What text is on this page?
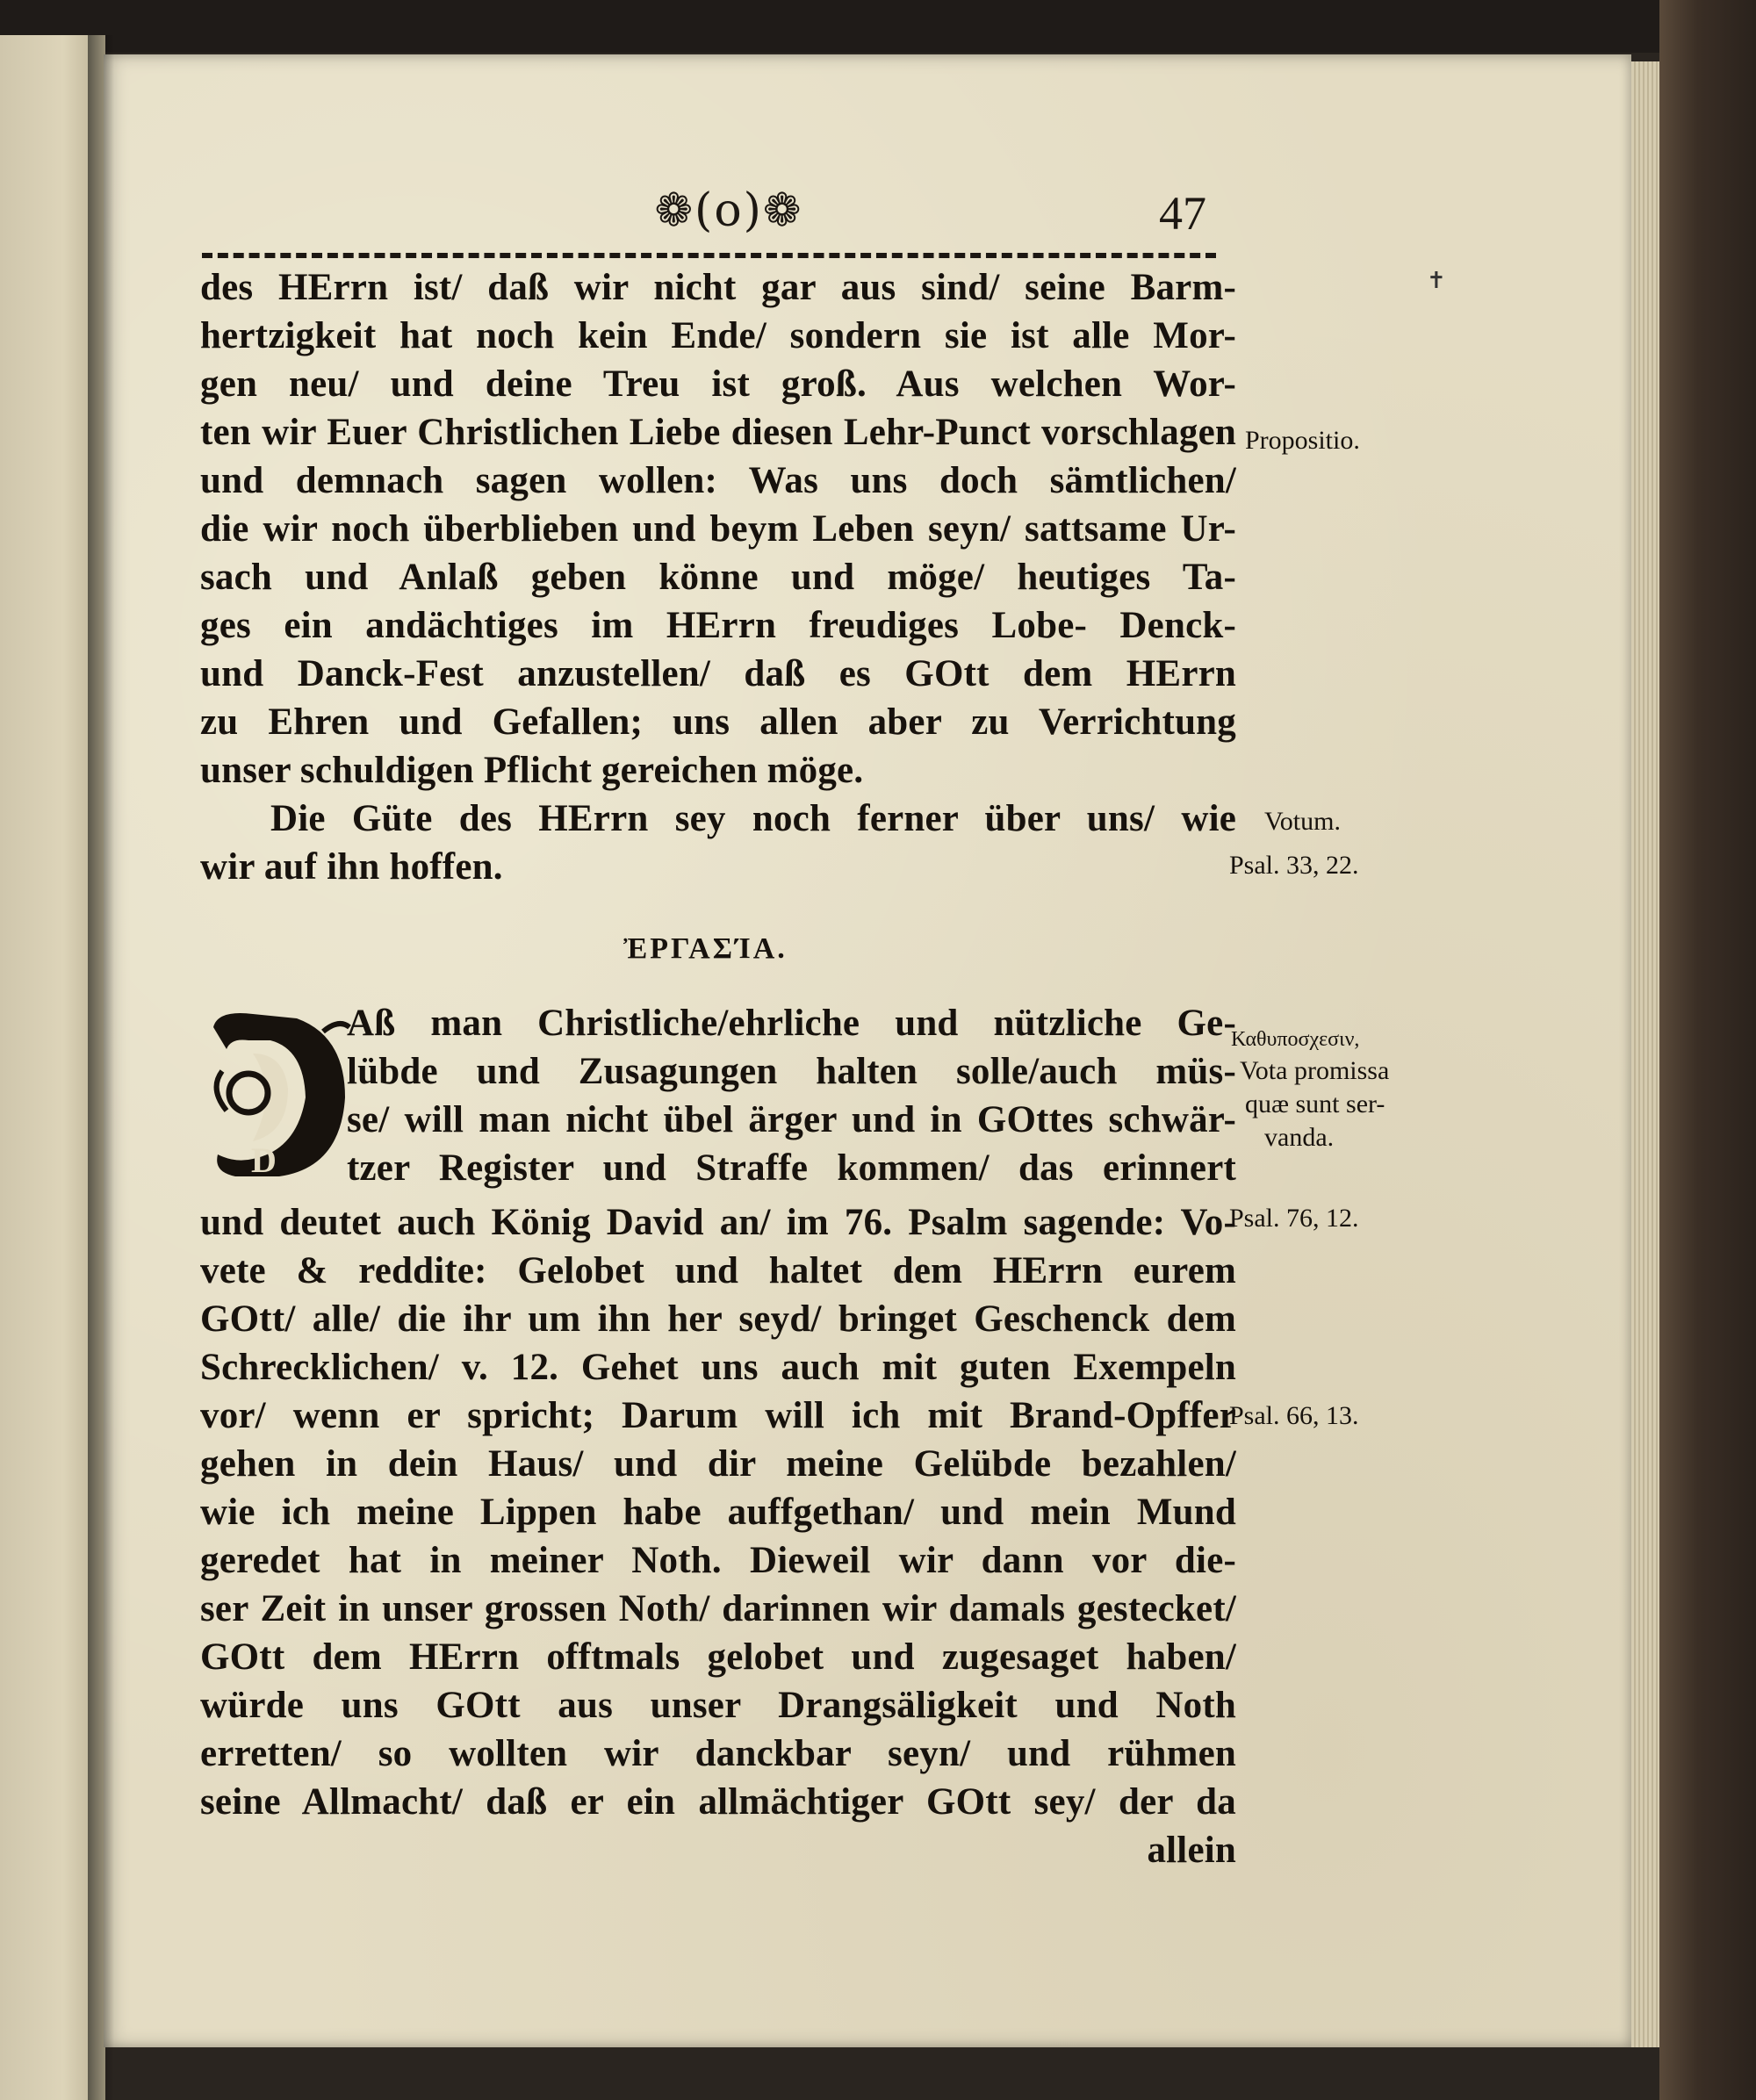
❁(o)❁	47
✝
des HErrn ist/ daß wir nicht gar aus sind/ seine Barm-
hertzigkeit hat noch kein Ende/ sondern sie ist alle Mor-
gen neu/ und deine Treu ist groß. Aus welchen Wor-
ten wir Euer Christlichen Liebe diesen Lehr-Punct vorschlagen
und demnach sagen wollen: Was uns doch sämtlichen/
die wir noch überblieben und beym Leben seyn/ sattsame Ur-
sach und Anlaß geben könne und möge/ heutiges Ta-
ges ein andächtiges im HErrn freudiges Lobe- Denck-
und Danck-Fest anzustellen/ daß es GOtt dem HErrn
zu Ehren und Gefallen; uns allen aber zu Verrichtung
unser schuldigen Pflicht gereichen möge.
Die Güte des HErrn sey noch ferner über uns/ wie
wir auf ihn hoffen.
ἘΡΓΑΣΊΑ.
D
Aß man Christliche/ehrliche und nützliche Ge-
lübde und Zusagungen halten solle/auch müs-
se/ will man nicht übel ärger und in GOttes schwär-
tzer Register und Straffe kommen/ das erinnert
und deutet auch König David an/ im 76. Psalm sagende: Vo-
vete & reddite: Gelobet und haltet dem HErrn eurem
GOtt/ alle/ die ihr um ihn her seyd/ bringet Geschenck dem
Schrecklichen/ v. 12. Gehet uns auch mit guten Exempeln
vor/ wenn er spricht; Darum will ich mit Brand-Opffer
gehen in dein Haus/ und dir meine Gelübde bezahlen/
wie ich meine Lippen habe auffgethan/ und mein Mund
geredet hat in meiner Noth. Dieweil wir dann vor die-
ser Zeit in unser grossen Noth/ darinnen wir damals gestecket/
GOtt dem HErrn offtmals gelobet und zugesaget haben/
würde uns GOtt aus unser Drangsäligkeit und Noth
erretten/ so wollten wir danckbar seyn/ und rühmen
seine Allmacht/ daß er ein allmächtiger GOtt sey/ der da
allein
Propositio.
Votum.
Psal. 33, 22.
Καθυποσχεσιν,
Vota promissa
quæ sunt ser-
vanda.
Psal. 76, 12.
Psal. 66, 13.
